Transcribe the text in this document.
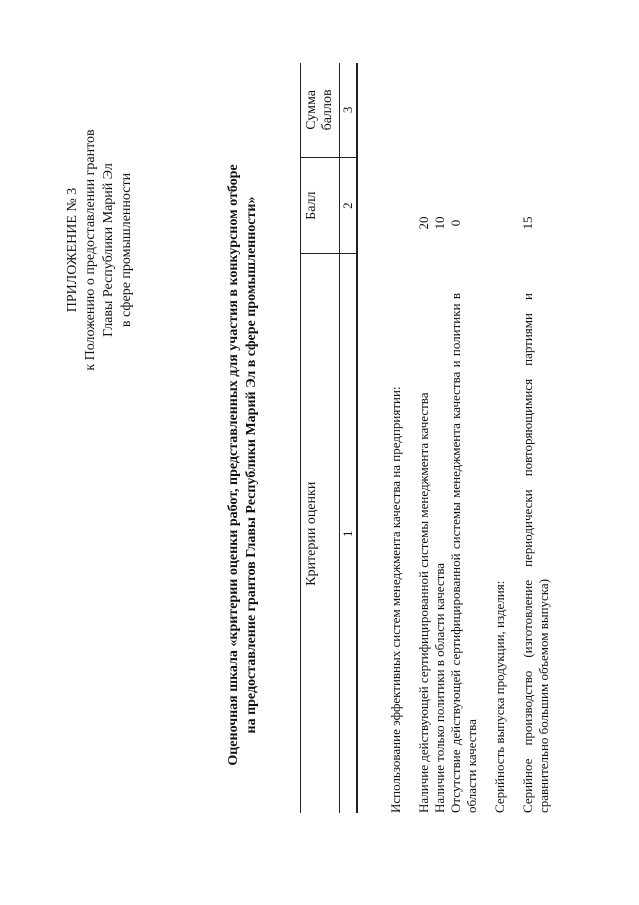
ПРИЛОЖЕНИЕ № 3 к Положению о предоставлении грантов Главы Республики Марий Эл в сфере промышленности	Оценочная шкала «критерии оценки работ, представленных для участия в конкурсном отборе на предоставление грантов Главы Республики Марий Эл в сфере промышленности»	Критерии оценки
Балл
Сумма баллов
1
2
3
Использование эффективных систем менеджмента качества на предприятии: Наличие действующей сертифицированной системы менеджмента качества
20
Наличие только политики в области качества
10
Отсутствие действующей сертифицированной системы менеджмента качества и политики в области качества
0
Серийность выпуска продукции, изделия: Серийное производство (изготовление периодически повторяющимися партиями и сравнительно большим объемом выпуска)
15
